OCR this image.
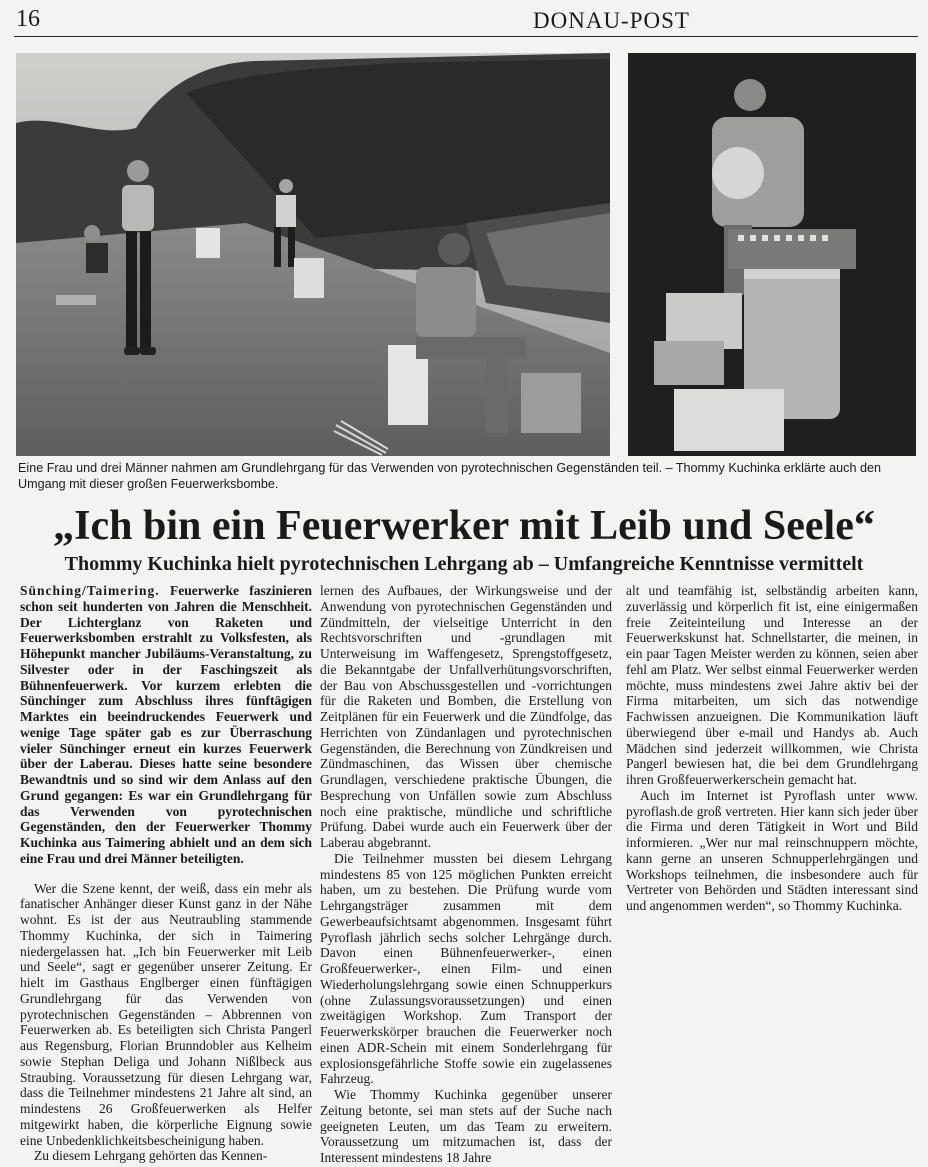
16	DONAU-POST
Eine Frau und drei Männer nahmen am Grundlehrgang für das Verwenden von pyrotechnischen Gegenständen teil. – Thommy Kuchinka erklärte auch den Umgang mit dieser großen Feuerwerksbombe.
„Ich bin ein Feuerwerker mit Leib und Seele“
Thommy Kuchinka hielt pyrotechnischen Lehrgang ab – Umfangreiche Kenntnisse vermittelt

Sünching/Taimering. Feuerwerke faszinieren schon seit hunderten von Jahren die Menschheit. Der Lichterglanz von Raketen und Feuerwerksbomben erstrahlt zu Volksfesten, als Höhepunkt mancher Jubiläums-Veranstaltung, zu Silvester oder in der Faschingszeit als Bühnenfeuerwerk. Vor kurzem erlebten die Sünchinger zum Abschluss ihres fünftägigen Marktes ein beeindruckendes Feuerwerk und wenige Tage später gab es zur Überraschung vieler Sünchinger erneut ein kurzes Feuerwerk über der Laberau. Dieses hatte seine besondere Bewandtnis und so sind wir dem Anlass auf den Grund gegangen: Es war ein Grundlehrgang für das Verwenden von pyrotechnischen Gegenständen, den der Feuerwerker Thommy Kuchinka aus Taimering abhielt und an dem sich eine Frau und drei Männer beteiligten.

Wer die Szene kennt, der weiß, dass ein mehr als fanatischer Anhänger dieser Kunst ganz in der Nähe wohnt. Es ist der aus Neutraubling stammende Thommy Kuchinka, der sich in Taimering niedergelassen hat. „Ich bin Feuerwerker mit Leib und Seele“, sagt er gegenüber unserer Zeitung. Er hielt im Gasthaus Englberger einen fünftägigen Grundlehrgang für das Verwenden von pyrotechnischen Gegenständen – Abbrennen von Feuerwerken ab. Es beteiligten sich Christa Pangerl aus Regensburg, Florian Brunndobler aus Kelheim sowie Stephan Deliga und Johann Nißlbeck aus Straubing. Voraussetzung für diesen Lehrgang war, dass die Teilnehmer mindestens 21 Jahre alt sind, an mindestens 26 Großfeuerwerken als Helfer mitgewirkt haben, die körperliche Eignung sowie eine Unbedenklichkeitsbescheinigung haben.

Zu diesem Lehrgang gehörten das Kennen-

lernen des Aufbaues, der Wirkungsweise und der Anwendung von pyrotechnischen Gegenständen und Zündmitteln, der vielseitige Unterricht in den Rechtsvorschriften und -grundlagen mit Unterweisung im Waffengesetz, Sprengstoffgesetz, die Bekanntgabe der Unfallverhütungsvorschriften, der Bau von Abschussgestellen und -vorrichtungen für die Raketen und Bomben, die Erstellung von Zeitplänen für ein Feuerwerk und die Zündfolge, das Herrichten von Zündanlagen und pyrotechnischen Gegenständen, die Berechnung von Zündkreisen und Zündmaschinen, das Wissen über chemische Grundlagen, verschiedene praktische Übungen, die Besprechung von Unfällen sowie zum Abschluss noch eine praktische, mündliche und schriftliche Prüfung. Dabei wurde auch ein Feuerwerk über der Laberau abgebrannt.

Die Teilnehmer mussten bei diesem Lehrgang mindestens 85 von 125 möglichen Punkten erreicht haben, um zu bestehen. Die Prüfung wurde vom Lehrgangsträger zusammen mit dem Gewerbeaufsichtsamt abgenommen. Insgesamt führt Pyroflash jährlich sechs solcher Lehrgänge durch. Davon einen Bühnenfeuerwerker-, einen Großfeuerwerker-, einen Film- und einen Wiederholungslehrgang sowie einen Schnupperkurs (ohne Zulassungsvoraussetzungen) und einen zweitägigen Workshop. Zum Transport der Feuerwerkskörper brauchen die Feuerwerker noch einen ADR-Schein mit einem Sonderlehrgang für explosionsgefährliche Stoffe sowie ein zugelassenes Fahrzeug.

Wie Thommy Kuchinka gegenüber unserer Zeitung betonte, sei man stets auf der Suche nach geeigneten Leuten, um das Team zu erweitern. Voraussetzung um mitzumachen ist, dass der Interessent mindestens 18 Jahre

alt und teamfähig ist, selbständig arbeiten kann, zuverlässig und körperlich fit ist, eine einigermaßen freie Zeiteinteilung und Interesse an der Feuerwerkskunst hat. Schnellstarter, die meinen, in ein paar Tagen Meister werden zu können, seien aber fehl am Platz. Wer selbst einmal Feuerwerker werden möchte, muss mindestens zwei Jahre aktiv bei der Firma mitarbeiten, um sich das notwendige Fachwissen anzueignen. Die Kommunikation läuft überwiegend über e-mail und Handys ab. Auch Mädchen sind jederzeit willkommen, wie Christa Pangerl bewiesen hat, die bei dem Grundlehrgang ihren Großfeuerwerkerschein gemacht hat.

Auch im Internet ist Pyroflash unter www. pyroflash.de groß vertreten. Hier kann sich jeder über die Firma und deren Tätigkeit in Wort und Bild informieren. „Wer nur mal reinschnuppern möchte, kann gerne an unseren Schnupperlehrgängen und Workshops teilnehmen, die insbesondere auch für Vertreter von Behörden und Städten interessant sind und angenommen werden“, so Thommy Kuchinka.
